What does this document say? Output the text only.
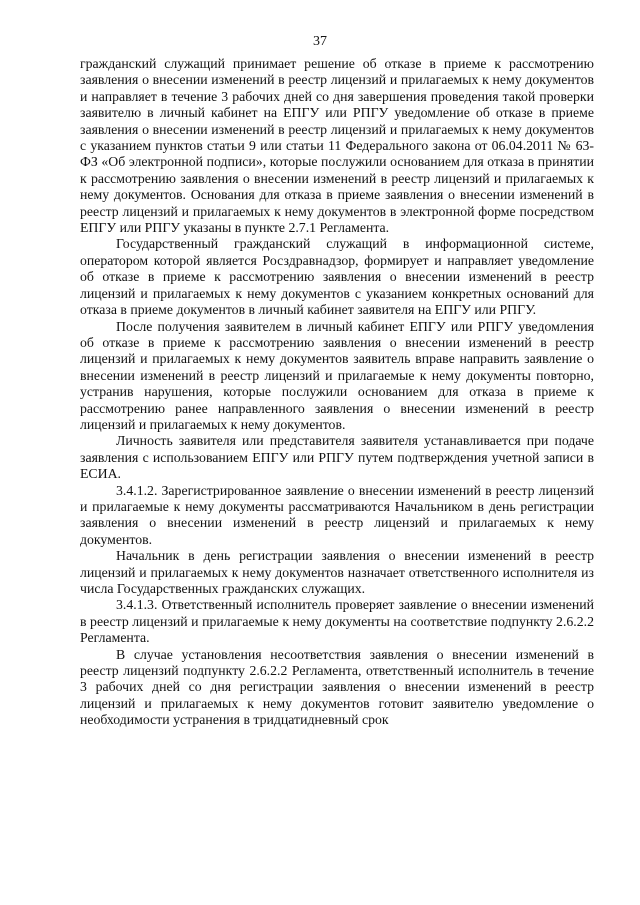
37

гражданский служащий принимает решение об отказе в приеме к рассмотрению заявления о внесении изменений в реестр лицензий и прилагаемых к нему документов и направляет в течение 3 рабочих дней со дня завершения проведения такой проверки заявителю в личный кабинет на ЕПГУ или РПГУ уведомление об отказе в приеме заявления о внесении изменений в реестр лицензий и прилагаемых к нему документов с указанием пунктов статьи 9 или статьи 11 Федерального закона от 06.04.2011 № 63-ФЗ «Об электронной подписи», которые послужили основанием для отказа в принятии к рассмотрению заявления о внесении изменений в реестр лицензий и прилагаемых к нему документов. Основания для отказа в приеме заявления о внесении изменений в реестр лицензий и прилагаемых к нему документов в электронной форме посредством ЕПГУ или РПГУ указаны в пункте 2.7.1 Регламента.

Государственный гражданский служащий в информационной системе, оператором которой является Росздравнадзор, формирует и направляет уведомление об отказе в приеме к рассмотрению заявления о внесении изменений в реестр лицензий и прилагаемых к нему документов с указанием конкретных оснований для отказа в приеме документов в личный кабинет заявителя на ЕПГУ или РПГУ.

После получения заявителем в личный кабинет ЕПГУ или РПГУ уведомления об отказе в приеме к рассмотрению заявления о внесении изменений в реестр лицензий и прилагаемых к нему документов заявитель вправе направить заявление о внесении изменений в реестр лицензий и прилагаемые к нему документы повторно, устранив нарушения, которые послужили основанием для отказа в приеме к рассмотрению ранее направленного заявления о внесении изменений в реестр лицензий и прилагаемых к нему документов.

Личность заявителя или представителя заявителя устанавливается при подаче заявления с использованием ЕПГУ или РПГУ путем подтверждения учетной записи в ЕСИА.

3.4.1.2. Зарегистрированное заявление о внесении изменений в реестр лицензий и прилагаемые к нему документы рассматриваются Начальником в день регистрации заявления о внесении изменений в реестр лицензий и прилагаемых к нему документов.

Начальник в день регистрации заявления о внесении изменений в реестр лицензий и прилагаемых к нему документов назначает ответственного исполнителя из числа Государственных гражданских служащих.

3.4.1.3. Ответственный исполнитель проверяет заявление о внесении изменений в реестр лицензий и прилагаемые к нему документы на соответствие подпункту 2.6.2.2 Регламента.

В случае установления несоответствия заявления о внесении изменений в реестр лицензий подпункту 2.6.2.2 Регламента, ответственный исполнитель в течение 3 рабочих дней со дня регистрации заявления о внесении изменений в реестр лицензий и прилагаемых к нему документов готовит заявителю уведомление о необходимости устранения в тридцатидневный срок
